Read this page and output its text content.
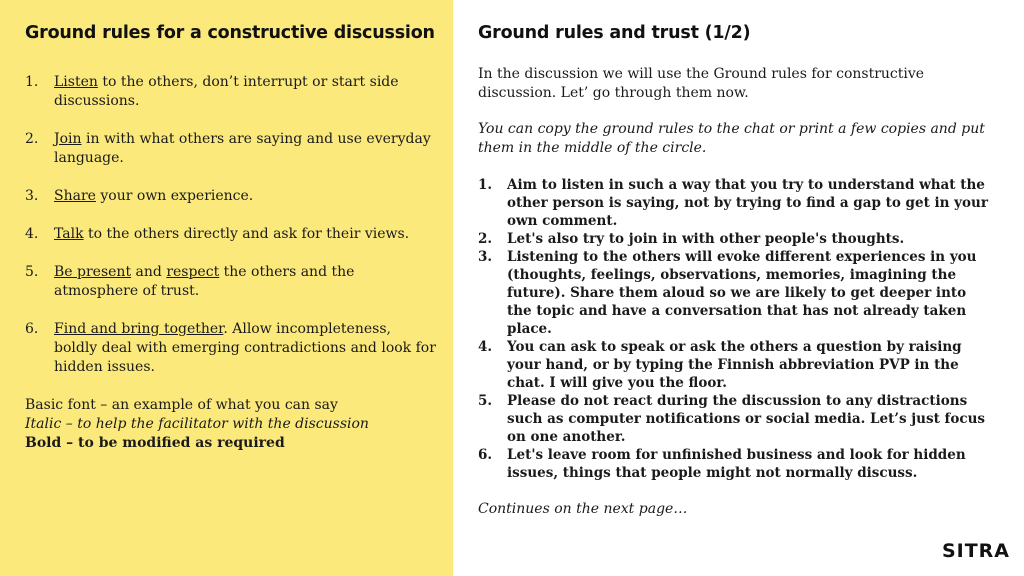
Ground rules for a constructive discussion
1. Listen to the others, don’t interrupt or start side discussions.
2. Join in with what others are saying and use everyday language.
3. Share your own experience.
4. Talk to the others directly and ask for their views.
5. Be present and respect the others and the atmosphere of trust.
6. Find and bring together. Allow incompleteness, boldly deal with emerging contradictions and look for hidden issues.
Basic font – an example of what you can say
Italic – to help the facilitator with the discussion
Bold – to be modified as required
Ground rules and trust (1/2)

In the discussion we will use the Ground rules for constructive discussion. Let’ go through them now.

You can copy the ground rules to the chat or print a few copies and put them in the middle of the circle.

1. Aim to listen in such a way that you try to understand what the other person is saying, not by trying to find a gap to get in your own comment.
2. Let's also try to join in with other people's thoughts.
3. Listening to the others will evoke different experiences in you (thoughts, feelings, observations, memories, imagining the future). Share them aloud so we are likely to get deeper into the topic and have a conversation that has not already taken place.
4. You can ask to speak or ask the others a question by raising your hand, or by typing the Finnish abbreviation PVP in the chat. I will give you the floor.
5. Please do not react during the discussion to any distractions such as computer notifications or social media. Let’s just focus on one another.
6. Let's leave room for unfinished business and look for hidden issues, things that people might not normally discuss.
Continues on the next page…
SITRA
